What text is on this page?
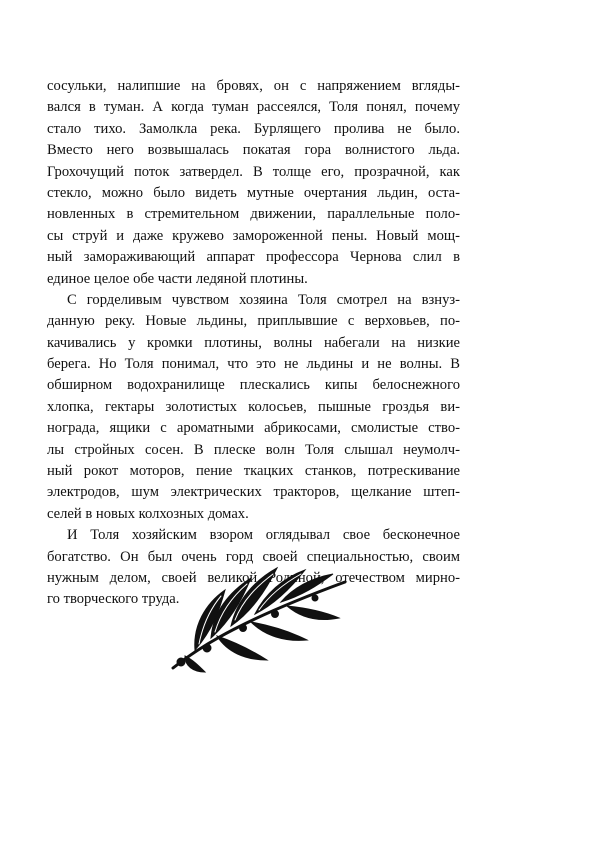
сосульки, налипшие на бровях, он с напряжением вгляды-
вался в туман. А когда туман рассеялся, Толя понял, почему
стало тихо. Замолкла река. Бурлящего пролива не было.
Вместо него возвышалась покатая гора волнистого льда.
Грохочущий поток затвердел. В толще его, прозрачной, как
стекло, можно было видеть мутные очертания льдин, оста-
новленных в стремительном движении, параллельные поло-
сы струй и даже кружево замороженной пены. Новый мощ-
ный замораживающий аппарат профессора Чернова слил в
единое целое обе части ледяной плотины.
С горделивым чувством хозяина Толя смотрел на взнуз-
данную реку. Новые льдины, приплывшие с верховьев, по-
качивались у кромки плотины, волны набегали на низкие
берега. Но Толя понимал, что это не льдины и не волны. В
обширном водохранилище плескались кипы белоснежного
хлопка, гектары золотистых колосьев, пышные гроздья ви-
нограда, ящики с ароматными абрикосами, смолистые ство-
лы стройных сосен. В плеске волн Толя слышал неумолч-
ный рокот моторов, пение ткацких станков, потрескивание
электродов, шум электрических тракторов, щелкание штеп-
селей в новых колхозных домах.
И Толя хозяйским взором оглядывал свое бесконечное
богатство. Он был очень горд своей специальностью, своим
нужным делом, своей великой Родиной, отечеством мирно-
го творческого труда.
